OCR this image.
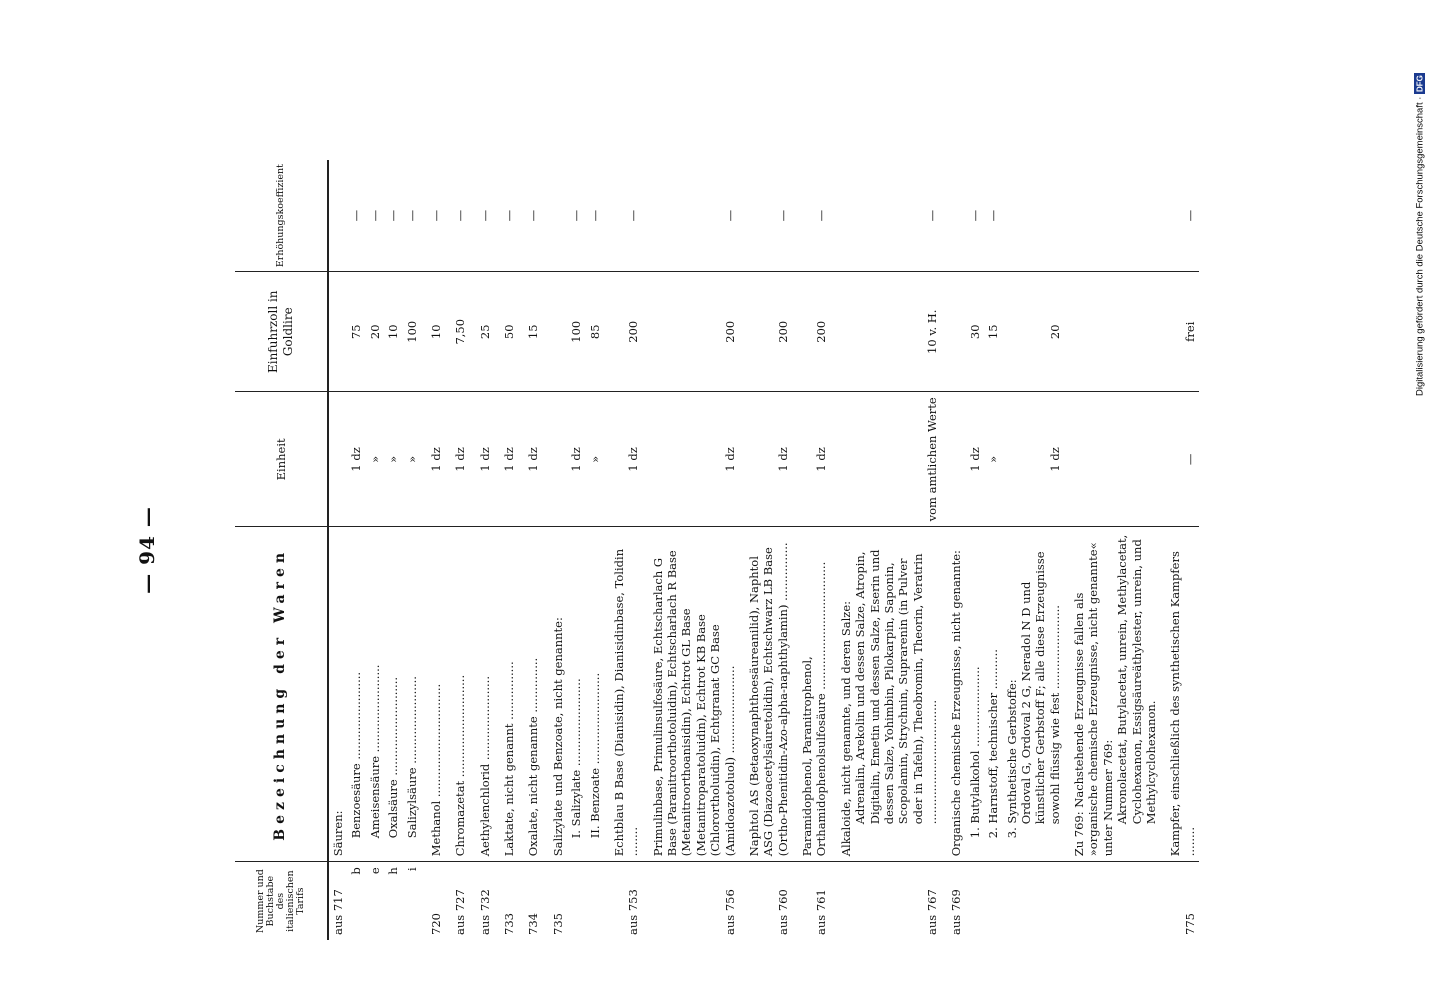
— 94 —
Nummer und Buchstabe des italienischen Tarifs	Bezeichnung der Waren	Einheit	Einfuhrzoll in Goldlire	Erhöhungskoeffizient
aus 717	Säuren:			

b	Benzoesäure ........................	1 dz	75	—
e	Ameisensäure ........................	»	20	—
h	Oxalsäure ...........................	»	10	—
i	Salizylsäure ........................	»	100	—
720	Methanol ...............................	1 dz	10	—
aus 727	Chromazetat ............................	1 dz	7,50	—
aus 732	Aethylenchlorid .......................	1 dz	25	—
733	Laktate, nicht genannt ................	1 dz	50	—
734	Oxalate, nicht genannte ...............	1 dz	15	—
735	Salizylate und Benzoate, nicht genannte:			

	I. Salizylate ........................	1 dz	100	—

	II. Benzoate .........................	»	85	—
aus 753	Echtblau B Base (Dianisidin), Dianisidinbase, Tolidin ........	1 dz	200	—
aus 756	Primulinbase, Primulinsulfosäure, Echtscharlach G Base (Paranitroorthotoluidin), Echtscharlach R Base (Metanitroorthoanisidin), Echtrot GL Base (Metanitroparatoluidin), Echtrot KB Base (Chlorortholuidin), Echtgranat GC Base (Amidoazotoluol) ........................	1 dz	200	—
aus 760	Naphtol AS (Betaoxynaphthoesäureanilid), Naphtol ASG (Diazoacetylsäuretolidin), Echtschwarz LB Base (Ortho-Phenitidin-Azo-alpha-naphthylamin) ................	1 dz	200	—
aus 761	Paramidophenol, Paranitrophenol, Orthamidophenolsulfosäure ...................................	1 dz	200	—
aus 767	Alkaloide, nicht genannte, und deren Salze: Adrenalin, Arekolin und dessen Salze, Atropin, Digitalin, Emetin und dessen Salze, Eserin und dessen Salze, Yohimbin, Pilokarpin, Saponin, Scopolamin, Strychnin, Suprarenin (in Pulver oder in Tafeln), Theobromin, Theorin, Veratrin ..................................	vom amtlichen Werte	10 v. H.	—
aus 769	Organische chemische Erzeugnisse, nicht genannte:			

	1. Butylalkohol ......................	1 dz	30	—

	2. Harnstoff, technischer ...........	»	15	—

	3. Synthetische Gerbstoffe: Ordoval G, Ordoval 2 G, Neradol N D und künstlicher Gerbstoff F; alle diese Erzeugnisse sowohl flüssig wie fest .......................	1 dz	20	

	Zu 769: Nachstehende Erzeugnisse fallen als »organische chemische Erzeugnisse, nicht genannte« unter Nummer 769: Akronolacetat, Butylacetat, unrein, Methylacetat, Cyclohexanon, Essigsäureäthylester, unrein, und Methylcyclohexanon.			

775	Kampfer, einschließlich des synthetischen Kampfers ........	—	frei	—	Digitalisierung gefördert durch die Deutsche Forschungsgemeinschaft ·
DFG
